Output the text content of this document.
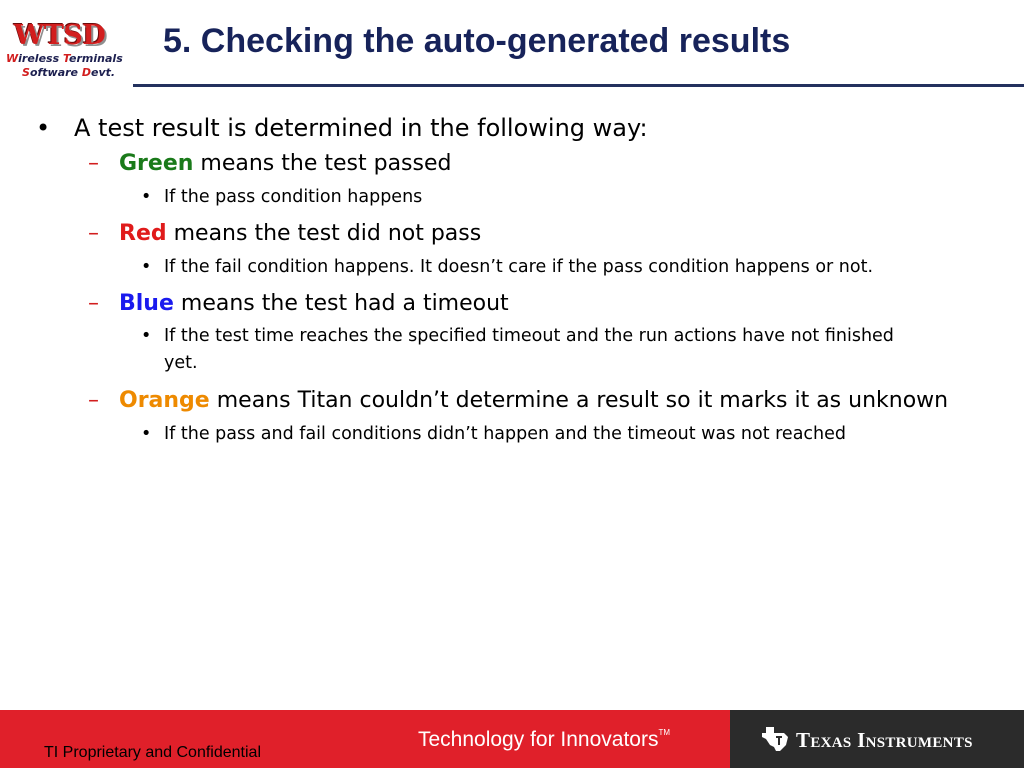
WTSD
Wireless Terminals
Software Devt.
5. Checking the auto-generated results
• A test result is determined in the following way:
– Green means the test passed
• If the pass condition happens
– Red means the test did not pass
• If the fail condition happens. It doesn’t care if the pass condition happens or not.
– Blue means the test had a timeout
• If the test time reaches the specified timeout and the run actions have not finished yet.
– Orange means Titan couldn’t determine a result so it marks it as unknown
• If the pass and fail conditions didn’t happen and the timeout was not reached
TI Proprietary and Confidential
Technology for Innovators™	TEXAS INSTRUMENTS
